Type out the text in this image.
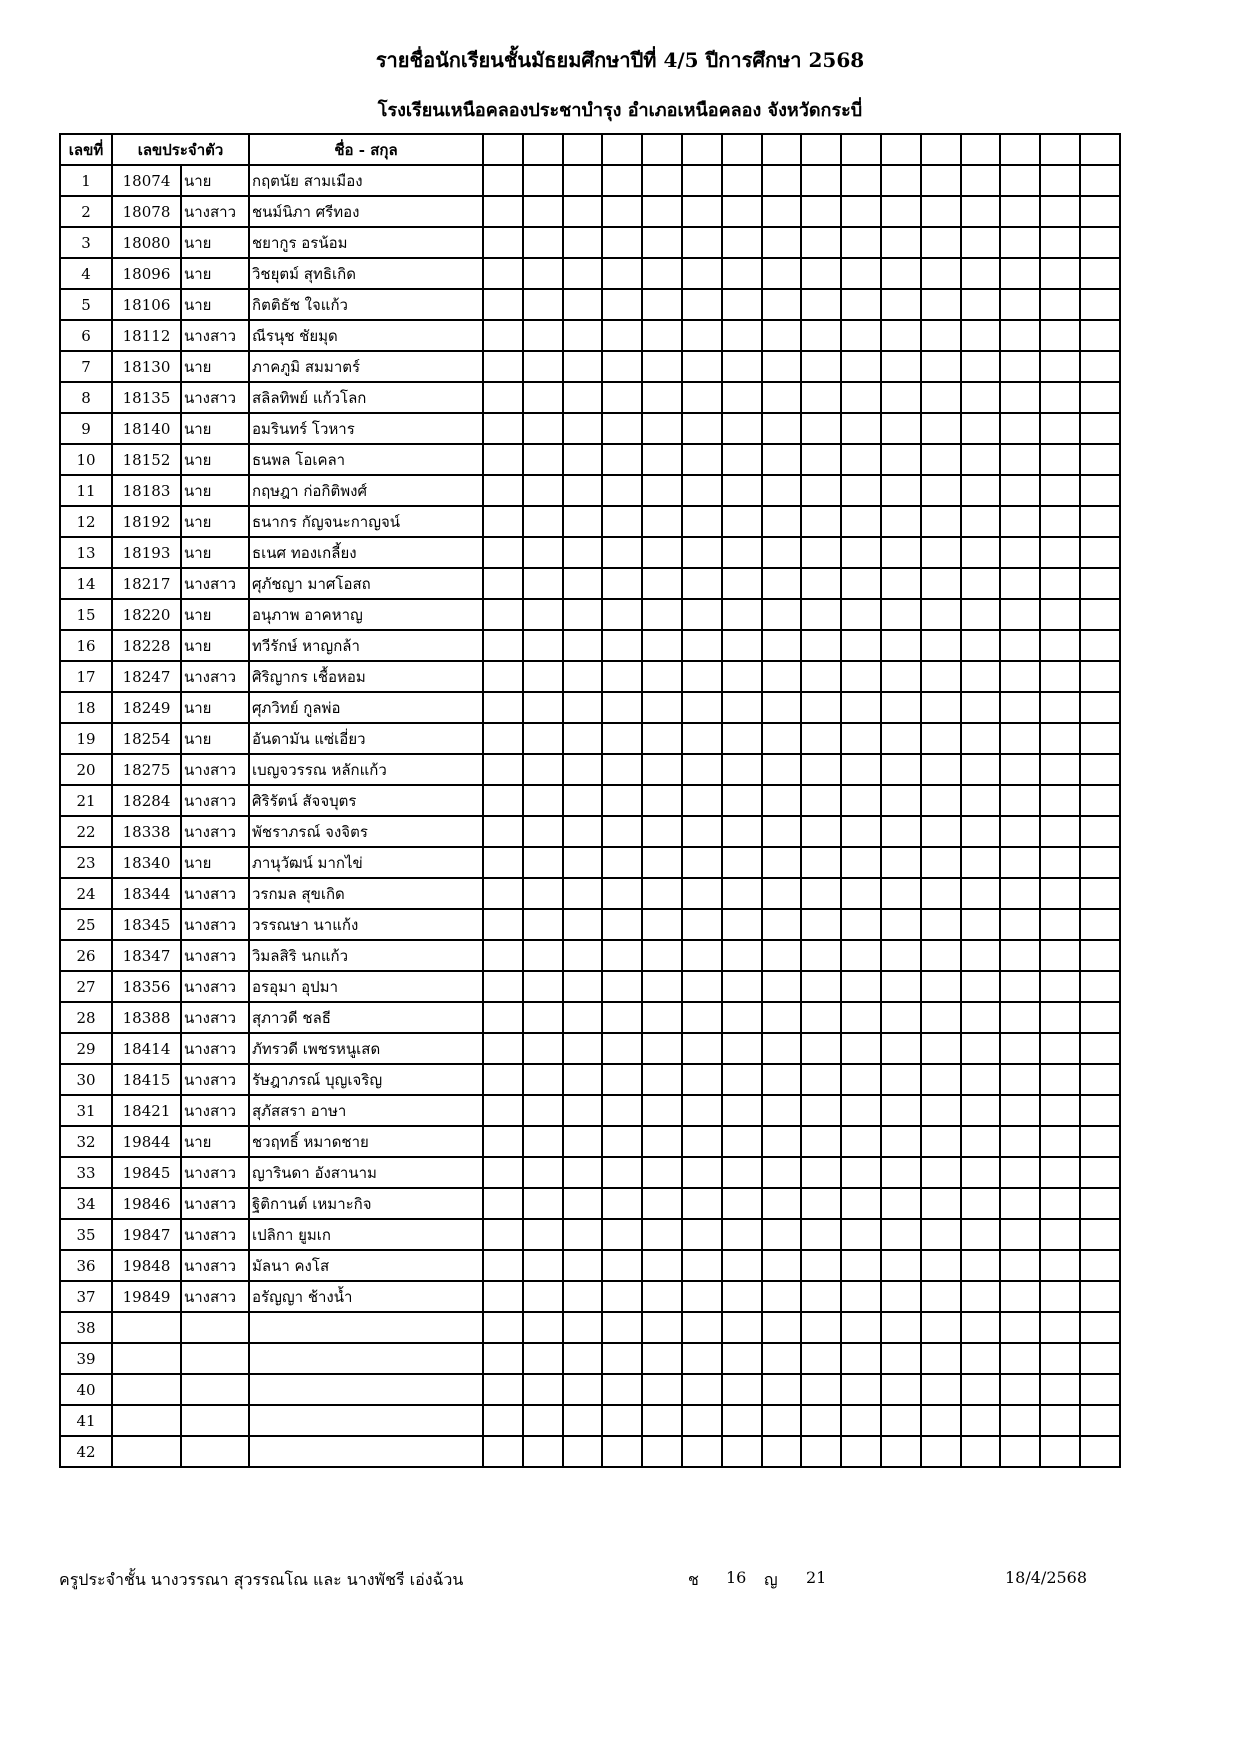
รายชื่อนักเรียนชั้นมัธยมศึกษาปีที่ 4/5 ปีการศึกษา 2568
โรงเรียนเหนือคลองประชาบำรุง อำเภอเหนือคลอง จังหวัดกระบี่
เลขที่	เลขประจำตัว		ชื่อ - สกุล																
1	18074	นาย	กฤตนัย สามเมือง																
2	18078	นางสาว	ชนม์นิภา ศรีทอง																
3	18080	นาย	ชยากูร อรน้อม																
4	18096	นาย	วิชยุตม์ สุทธิเกิด																
5	18106	นาย	กิตติธัช ใจแก้ว																
6	18112	นางสาว	ณีรนุช ชัยมุด																
7	18130	นาย	ภาคภูมิ สมมาตร์																
8	18135	นางสาว	สลิลทิพย์ แก้วโลก																
9	18140	นาย	อมรินทร์ โวหาร																
10	18152	นาย	ธนพล โอเคลา																
11	18183	นาย	กฤษฎา ก่อกิติพงศ์																
12	18192	นาย	ธนากร กัญจนะกาญจน์																
13	18193	นาย	ธเนศ ทองเกลี้ยง																
14	18217	นางสาว	ศุภัชญา มาศโอสถ																
15	18220	นาย	อนุภาพ อาคหาญ																
16	18228	นาย	ทวีรักษ์ หาญกล้า																
17	18247	นางสาว	ศิริญากร เชื้อหอม																
18	18249	นาย	ศุภวิทย์ กูลพ่อ																
19	18254	นาย	อันดามัน แซ่เอี่ยว																
20	18275	นางสาว	เบญจวรรณ หลักแก้ว																
21	18284	นางสาว	ศิริรัตน์ สัจจบุตร																
22	18338	นางสาว	พัชราภรณ์ จงจิตร																
23	18340	นาย	ภานุวัฒน์ มากไข่																
24	18344	นางสาว	วรกมล สุขเกิด																
25	18345	นางสาว	วรรณษา นาแก้ง																
26	18347	นางสาว	วิมลสิริ นกแก้ว																
27	18356	นางสาว	อรอุมา อุปมา																
28	18388	นางสาว	สุภาวดี ชลธี																
29	18414	นางสาว	ภัทรวดี เพชรหนูเสด																
30	18415	นางสาว	รัษฎาภรณ์ บุญเจริญ																
31	18421	นางสาว	สุภัสสรา อาษา																
32	19844	นาย	ชวฤทธิ์ หมาดชาย																
33	19845	นางสาว	ญารินดา อังสานาม																
34	19846	นางสาว	ฐิติกานต์ เหมาะกิจ																
35	19847	นางสาว	เปลิกา ยูมเก																
36	19848	นางสาว	มัลนา คงโส																
37	19849	นางสาว	อรัญญา ช้างน้ำ																
38																			
39																			
40																			
41																			
42																			
ครูประจำชั้น นางวรรณา สุวรรณโณ และ นางพัชรี เอ่งฉ้วน	ช 16 ญ 21	18/4/2568
